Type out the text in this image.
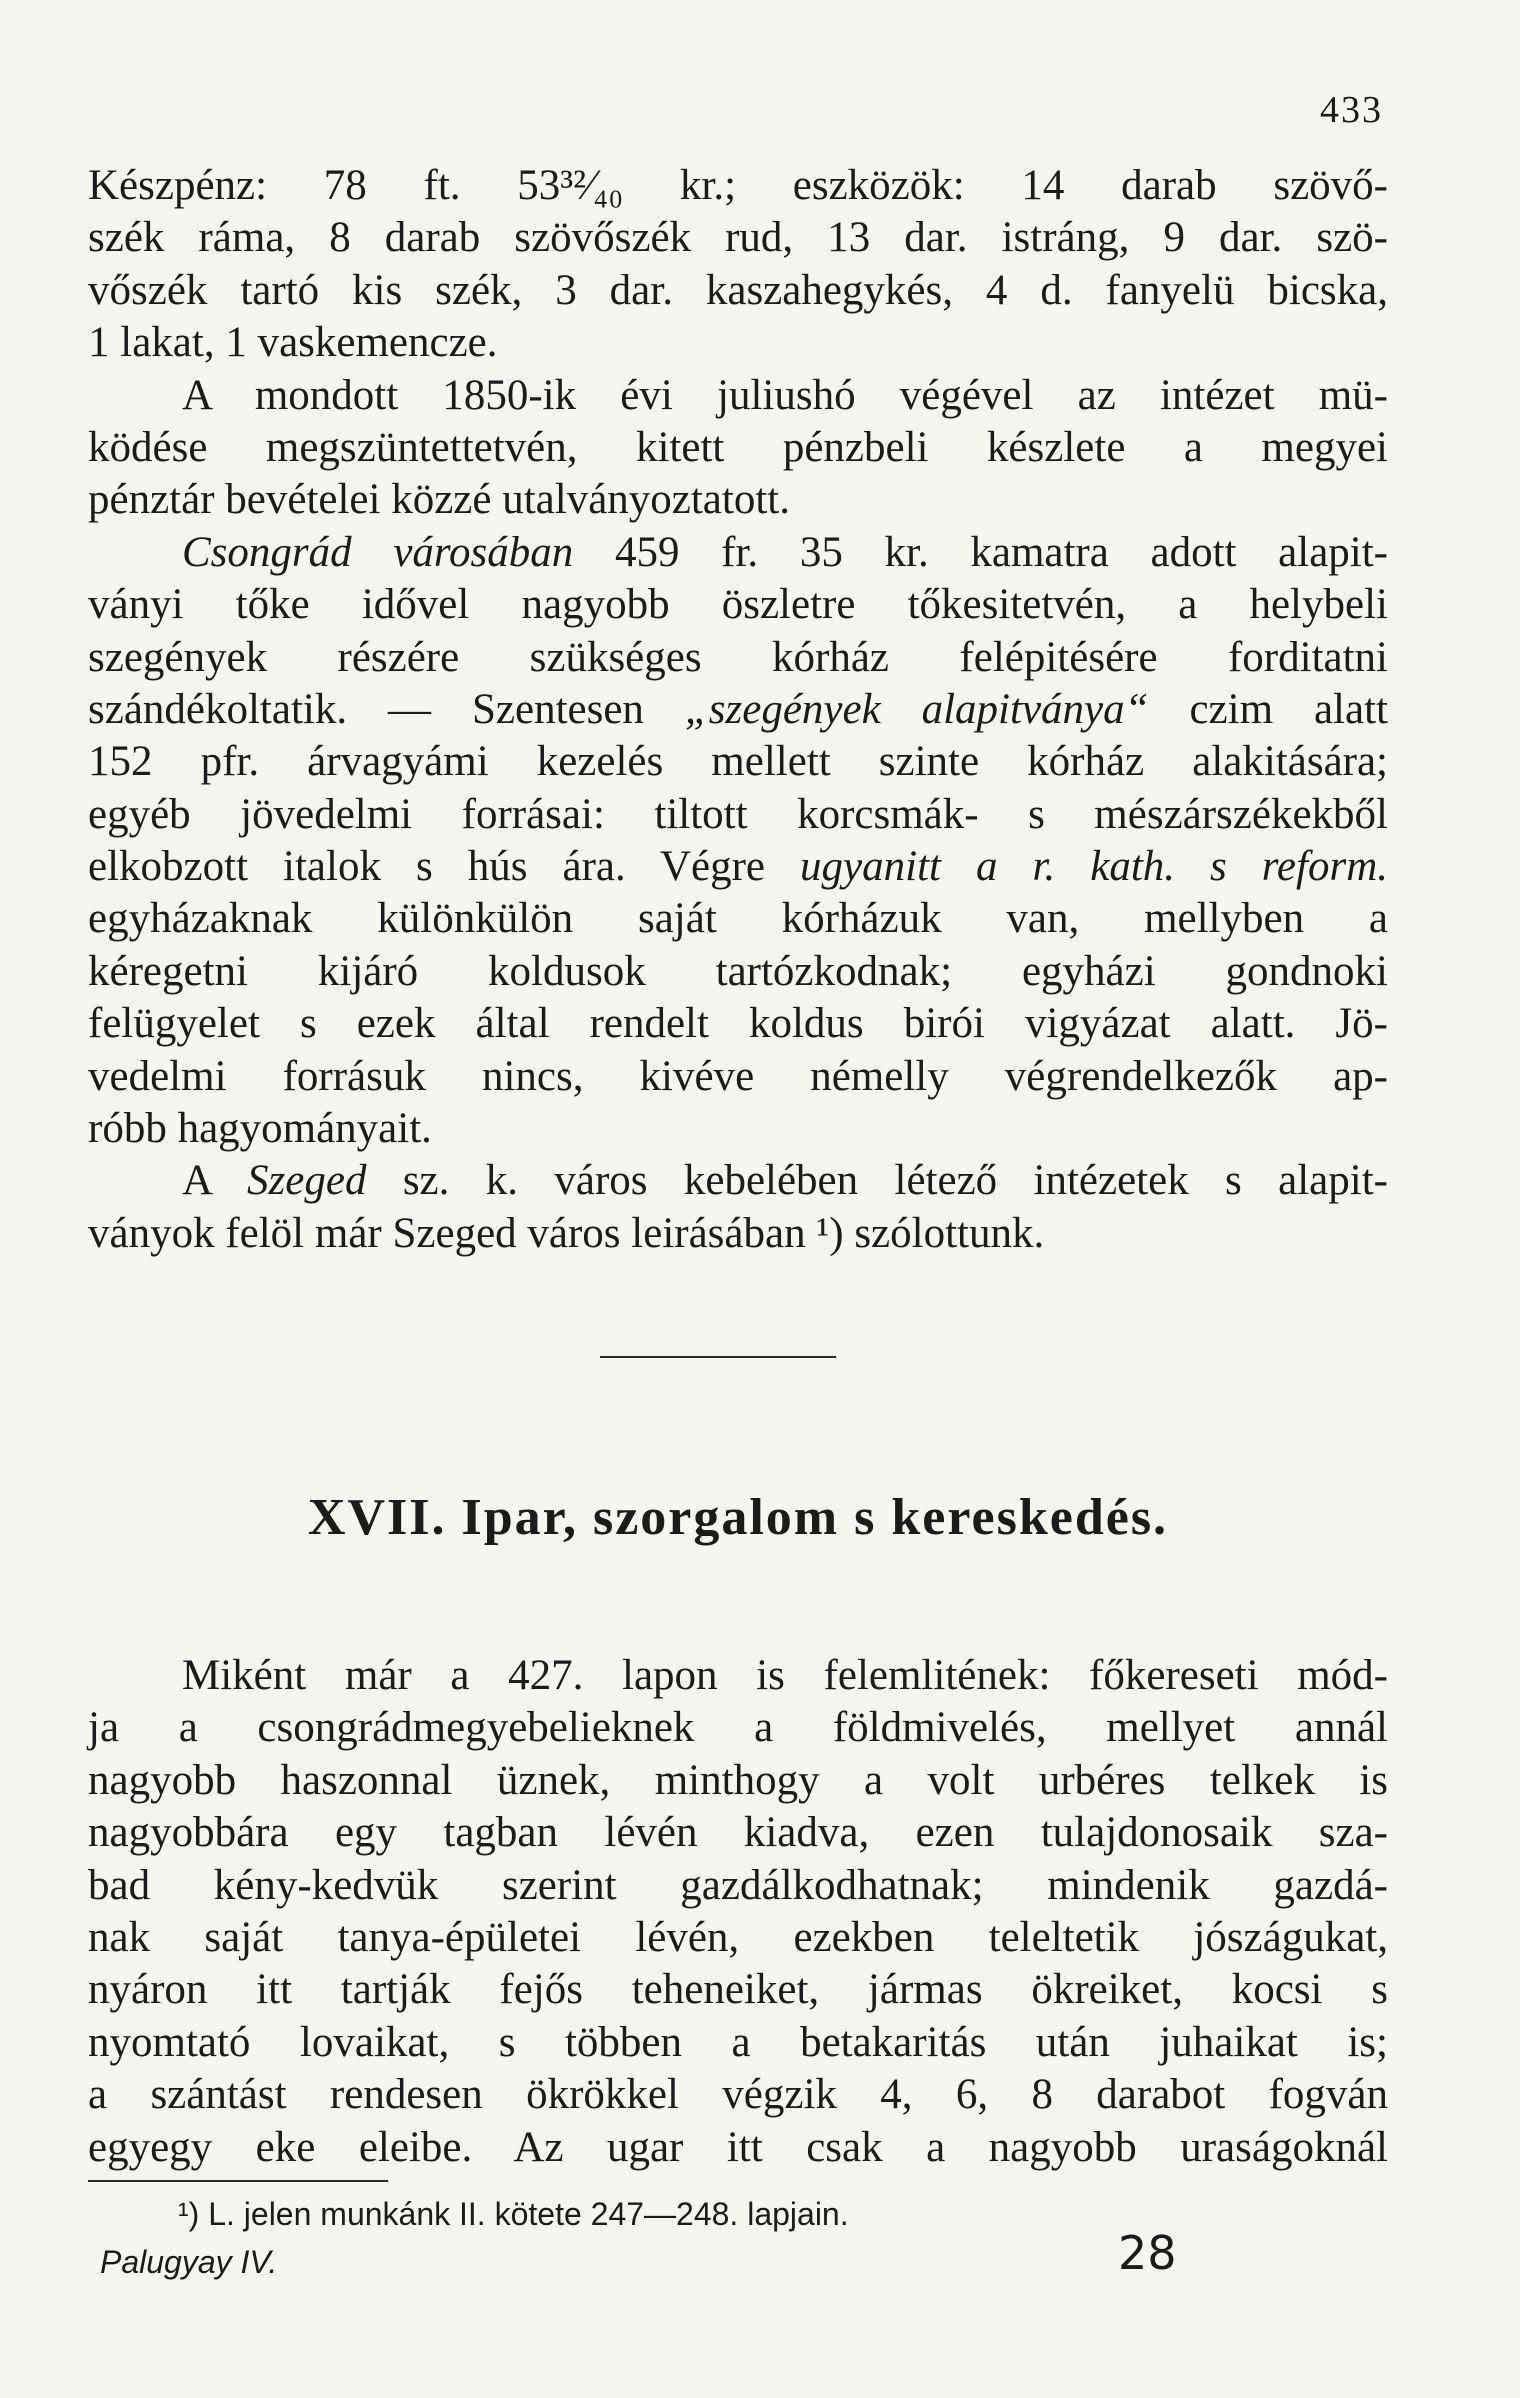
433
Készpénz: 78 ft. 53³²⁄₄₀ kr.; eszközök: 14 darab szövő-
szék ráma, 8 darab szövőszék rud, 13 dar. istráng, 9 dar. szö-
vőszék tartó kis szék, 3 dar. kaszahegykés, 4 d. fanyelü bicska,
1 lakat, 1 vaskemencze.
A mondott 1850-ik évi juliushó végével az intézet mü-
ködése megszüntettetvén, kitett pénzbeli készlete a megyei
pénztár bevételei közzé utalványoztatott.
Csongrád városában 459 fr. 35 kr. kamatra adott alapit-
ványi tőke idővel nagyobb öszletre tőkesitetvén, a helybeli
szegények részére szükséges kórház felépitésére forditatni
szándékoltatik. — Szentesen „szegények alapitványa“ czim alatt
152 pfr. árvagyámi kezelés mellett szinte kórház alakitására;
egyéb jövedelmi forrásai: tiltott korcsmák- s mészárszékekből
elkobzott italok s hús ára. Végre ugyanitt a r. kath. s reform.
egyházaknak különkülön saját kórházuk van, mellyben a
kéregetni kijáró koldusok tartózkodnak; egyházi gondnoki
felügyelet s ezek által rendelt koldus birói vigyázat alatt. Jö-
vedelmi forrásuk nincs, kivéve némelly végrendelkezők ap-
róbb hagyományait.
A Szeged sz. k. város kebelében létező intézetek s alapit-
ványok felöl már Szeged város leirásában ¹) szólottunk.
XVII. Ipar, szorgalom s kereskedés.
Miként már a 427. lapon is felemlitének: főkereseti mód-
ja a csongrádmegyebelieknek a földmivelés, mellyet annál
nagyobb haszonnal üznek, minthogy a volt urbéres telkek is
nagyobbára egy tagban lévén kiadva, ezen tulajdonosaik sza-
bad kény-kedvük szerint gazdálkodhatnak; mindenik gazdá-
nak saját tanya-épületei lévén, ezekben teleltetik jószágukat,
nyáron itt tartják fejős teheneiket, jármas ökreiket, kocsi s
nyomtató lovaikat, s többen a betakaritás után juhaikat is;
a szántást rendesen ökrökkel végzik 4, 6, 8 darabot fogván
egyegy eke eleibe. Az ugar itt csak a nagyobb uraságoknál
¹) L. jelen munkánk II. kötete 247—248. lapjain.
Palugyay IV.	28
